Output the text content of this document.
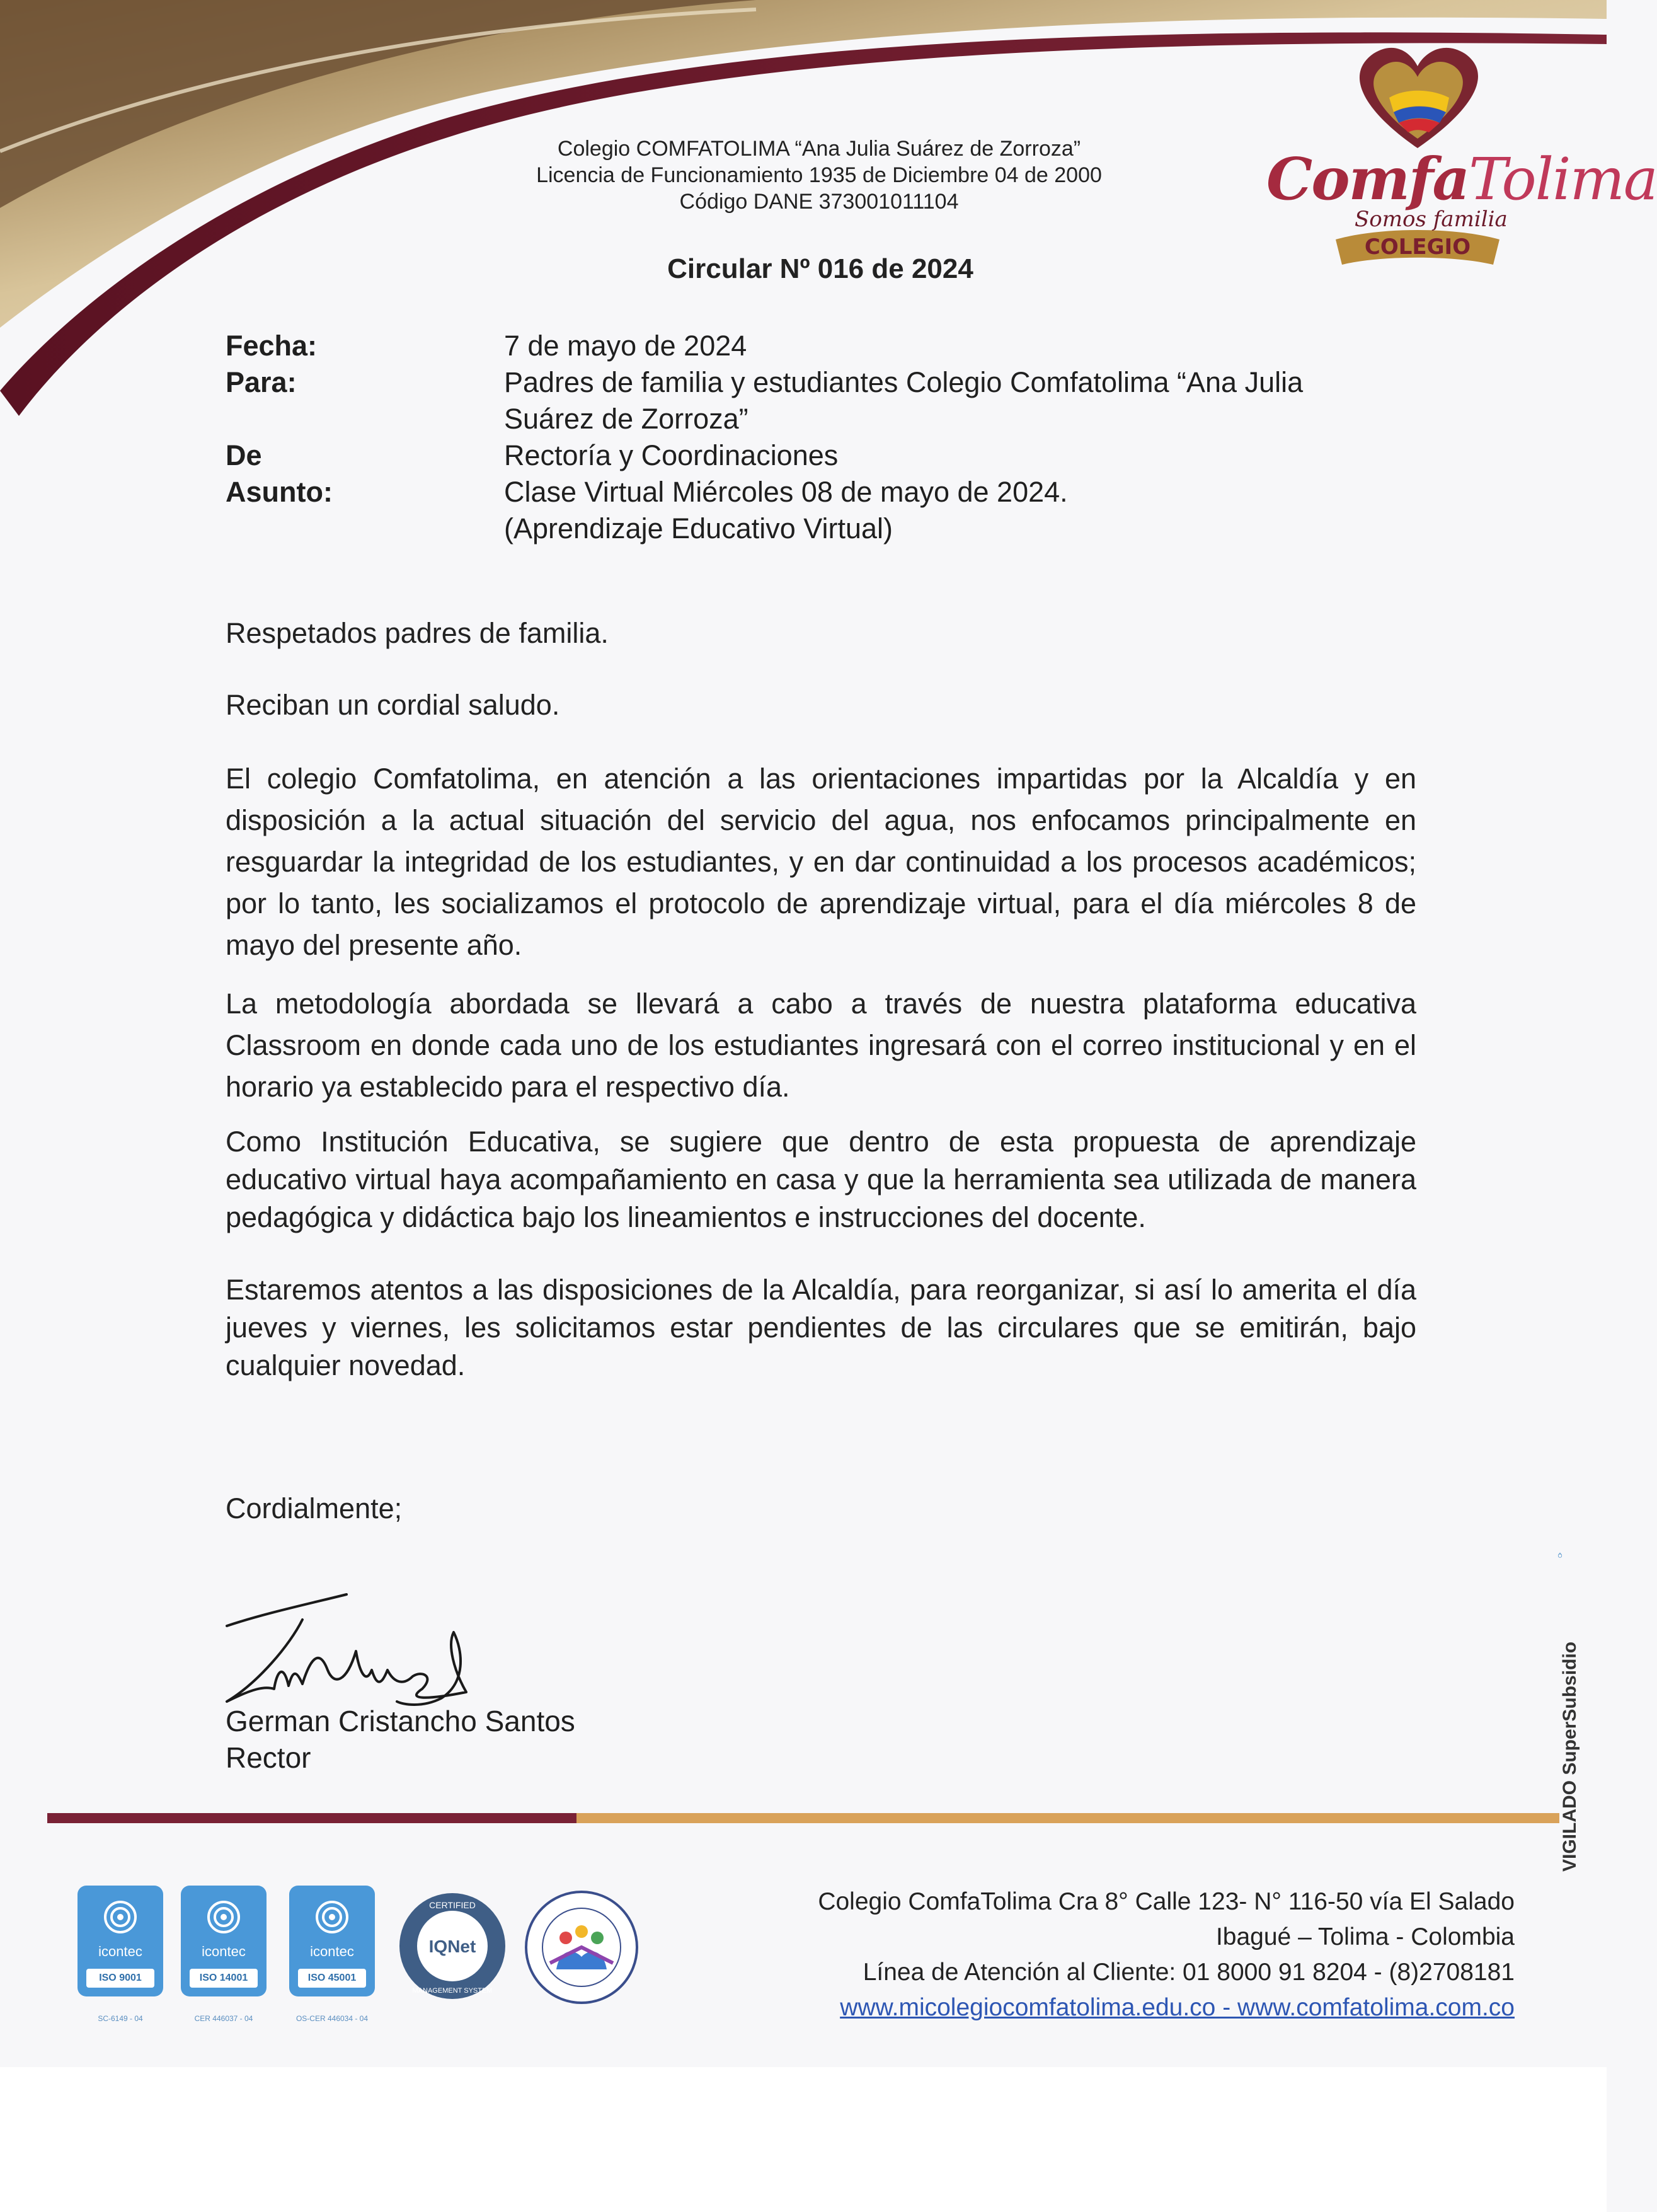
Colegio COMFATOLIMA “Ana Julia Suárez de Zorroza”
Licencia de Funcionamiento 1935 de Diciembre 04 de 2000
Código DANE 373001011104	ComfaTolima
Somos familia
COLEGIO
Circular Nº 016 de 2024
Fecha:	7 de mayo de 2024
Para:	Padres de familia y estudiantes Colegio Comfatolima “Ana Julia
Suárez de Zorroza”
De	Rectoría y Coordinaciones
Asunto:	Clase Virtual Miércoles 08 de mayo de 2024.
(Aprendizaje Educativo Virtual)
Respetados padres de familia.
Reciban un cordial saludo.
El colegio Comfatolima, en atención a las orientaciones impartidas por la Alcaldía y en disposición a la actual situación del servicio del agua, nos enfocamos principalmente en resguardar la integridad de los estudiantes, y en dar continuidad a los procesos académicos; por lo tanto, les socializamos el protocolo de aprendizaje virtual, para el día miércoles 8 de mayo del presente año.
La metodología abordada se llevará a cabo a través de nuestra plataforma educativa Classroom en donde cada uno de los estudiantes ingresará con el correo institucional y en el horario ya establecido para el respectivo día.
Como Institución Educativa, se sugiere que dentro de esta propuesta de aprendizaje educativo virtual haya acompañamiento en casa y que la herramienta sea utilizada de manera pedagógica y didáctica bajo los lineamientos e instrucciones del docente.
Estaremos atentos a las disposiciones de la Alcaldía, para reorganizar, si así lo amerita el día jueves y viernes, les solicitamos estar pendientes de las circulares que se emitirán, bajo cualquier novedad.
Cordialmente;
German Cristancho Santos
Rector	VIGILADO SuperSubsidio
icontec
ISO 9001
SC-6149 - 04
icontec
ISO 14001
CER 446037 - 04
icontec
ISO 45001
OS-CER 446034 - 04
IQNet
CERTIFIED
MANAGEMENT SYSTEM
Colegio ComfaTolima Cra 8° Calle 123- N° 116-50 vía El Salado
Ibagué – Tolima - Colombia
Línea de Atención al Cliente: 01 8000 91 8204 - (8)2708181
www.micolegiocomfatolima.edu.co - www.comfatolima.com.co
